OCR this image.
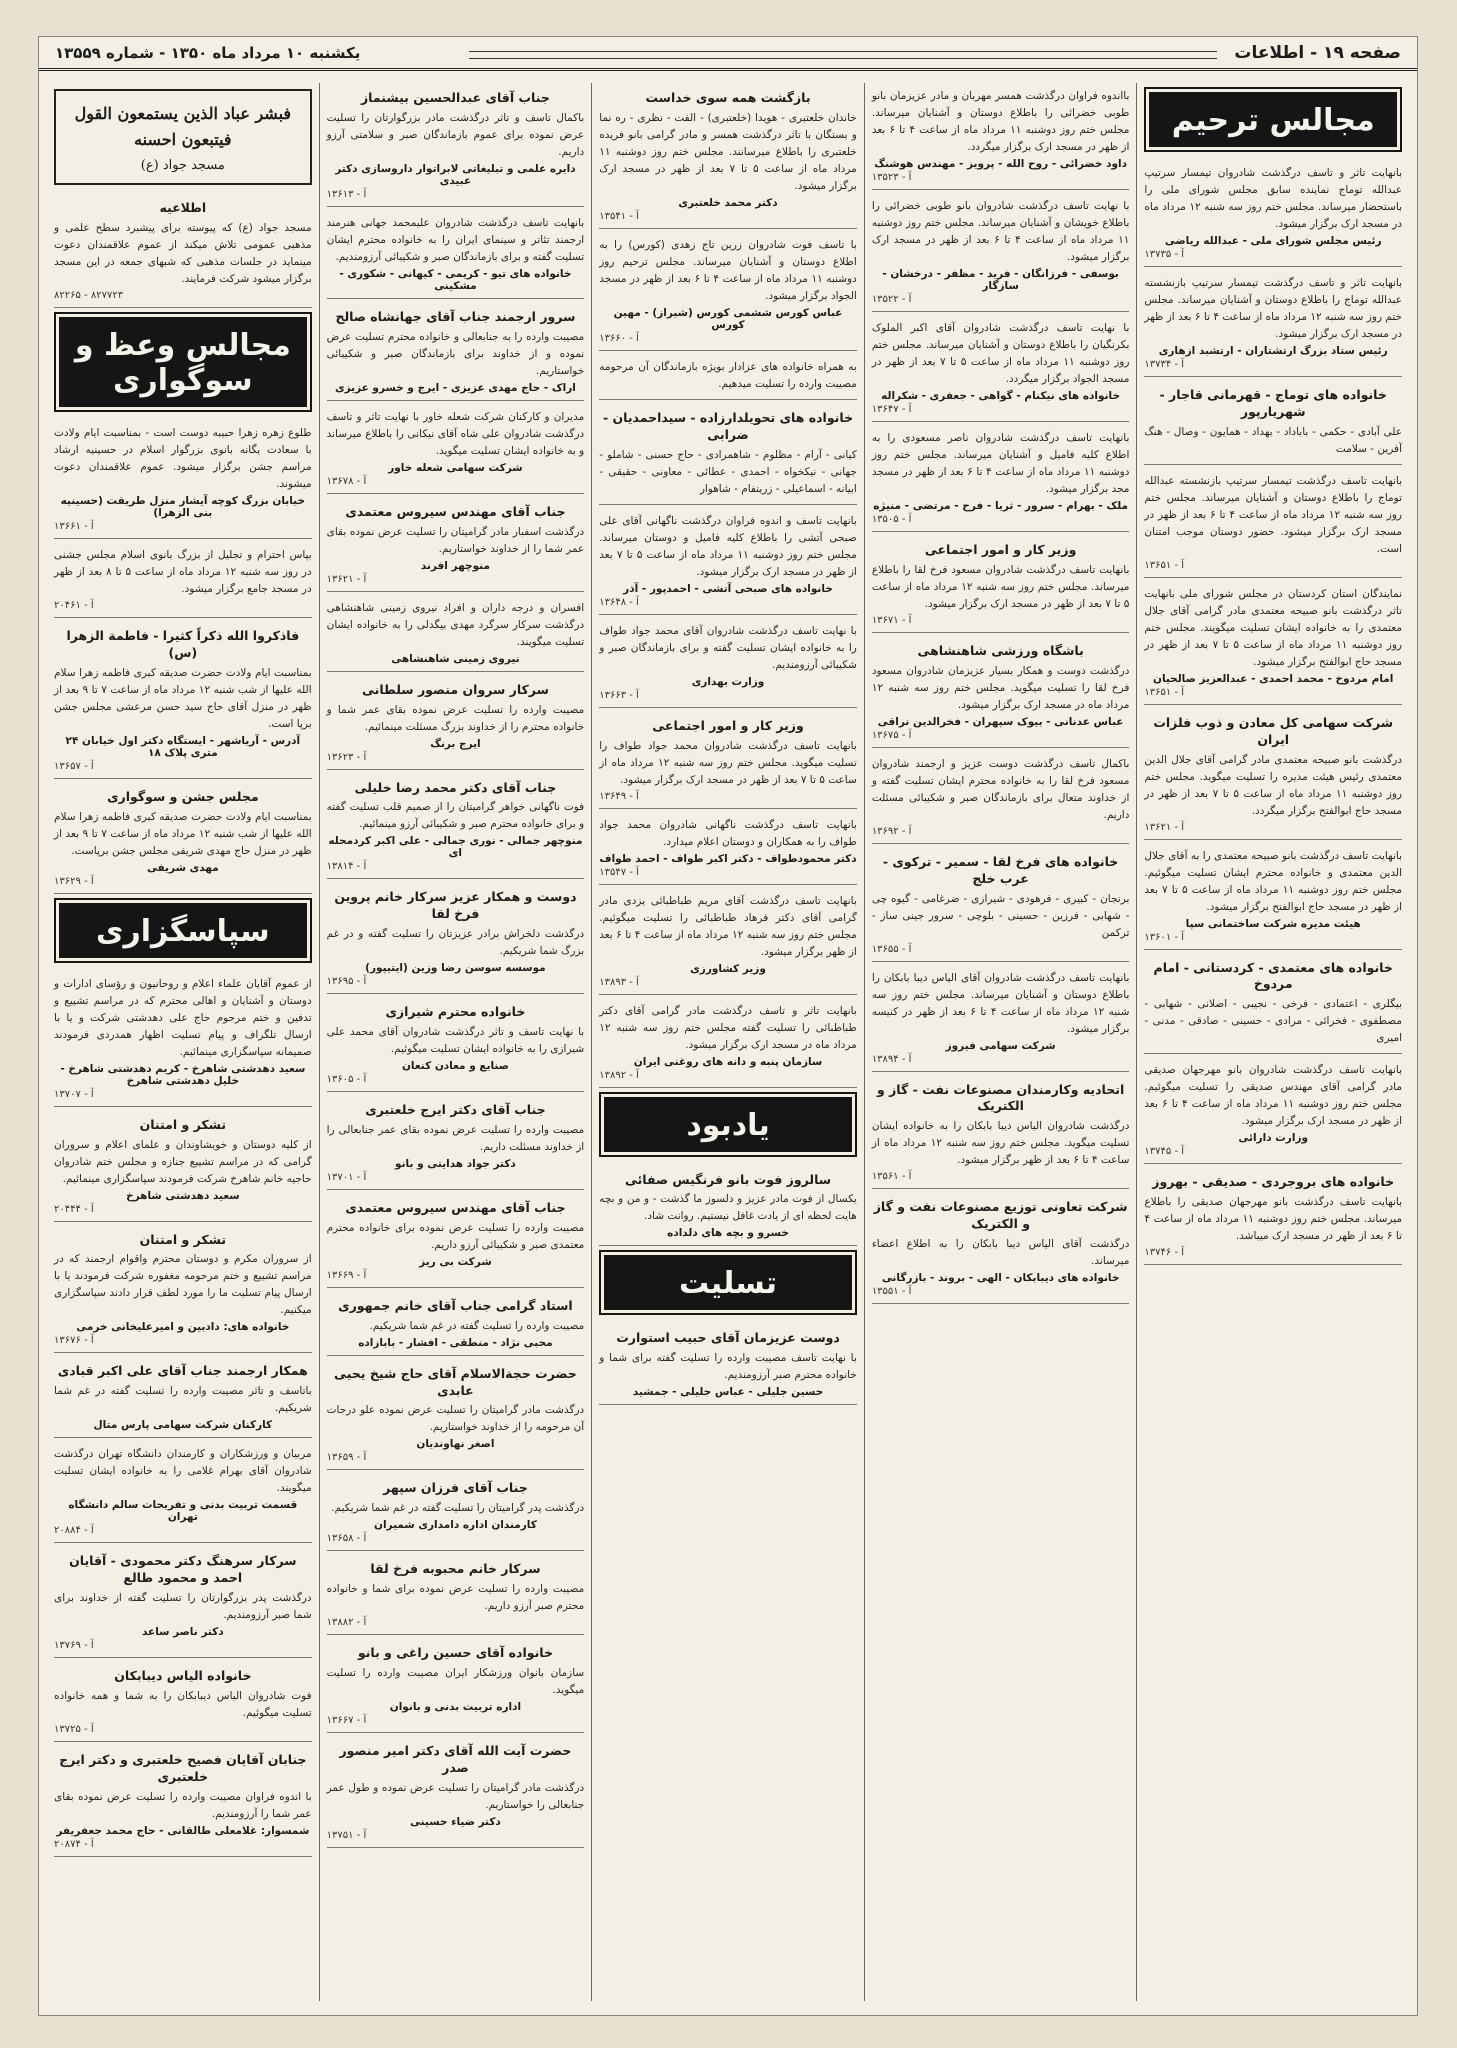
صفحه ۱۹ - اطلاعات
یکشنبه ۱۰ مرداد ماه ۱۳۵۰ - شماره ۱۳۵۵۹
مجالس ترحیم
بانهایت تاثر و تاسف درگذشت شادروان تیمسار سرتیپ عبدالله توماج نماینده سابق مجلس شورای ملی را باستحضار میرساند. مجلس ختم روز سه شنبه ۱۲ مرداد ماه در مسجد ارک برگزار میشود.
رئیس مجلس شورای ملی - عبدالله ریاضی
آ - ۱۳۷۳۵
بانهایت تاثر و تاسف درگذشت تیمسار سرتیپ بازنشسته عبدالله توماج را باطلاع دوستان و آشنایان میرساند. مجلس ختم روز سه شنبه ۱۲ مرداد ماه از ساعت ۴ تا ۶ بعد از ظهر در مسجد ارک برگزار میشود.
رئیس ستاد بزرگ ارتشتاران - ارتشبد ازهاری
آ - ۱۳۷۳۴
خانواده های توماج - قهرمانی قاجار - شهریارپور
علی آبادی - حکمی - باباداد - بهداد - همایون - وصال - هنگ آفرین - سلامت
بانهایت تاسف درگذشت تیمسار سرتیپ بازنشسته عبدالله توماج را باطلاع دوستان و آشنایان میرساند. مجلس ختم روز سه شنبه ۱۲ مرداد ماه از ساعت ۴ تا ۶ بعد از ظهر در مسجد ارک برگزار میشود. حضور دوستان موجب امتنان است.
آ - ۱۳۶۵۱
نمایندگان استان کردستان در مجلس شورای ملی بانهایت تاثر درگذشت بانو صبیحه معتمدی مادر گرامی آقای جلال معتمدی را به خانواده ایشان تسلیت میگویند. مجلس ختم روز دوشنبه ۱۱ مرداد ماه از ساعت ۵ تا ۷ بعد از ظهر در مسجد حاج ابوالفتح برگزار میشود.
امام مردوخ - محمد احمدی - عبدالعزیز صالحیان
آ - ۱۳۶۵۱
شرکت سهامی کل معادن و ذوب فلزات ایران
درگذشت بانو صبیحه معتمدی مادر گرامی آقای جلال الدین معتمدی رئیس هیئت مدیره را تسلیت میگوید. مجلس ختم روز دوشنبه ۱۱ مرداد ماه از ساعت ۵ تا ۷ بعد از ظهر در مسجد حاج ابوالفتح برگزار میگردد.
آ - ۱۳۶۲۱
بانهایت تاسف درگذشت بانو صبیحه معتمدی را به آقای جلال الدین معتمدی و خانواده محترم ایشان تسلیت میگوئیم. مجلس ختم روز دوشنبه ۱۱ مرداد ماه از ساعت ۵ تا ۷ بعد از ظهر در مسجد حاج ابوالفتح برگزار میشود.
هیئت مدیره شرکت ساختمانی سپا
آ - ۱۳۶۰۱
خانواده های معتمدی - کردستانی - امام مردوخ
بیگلری - اعتمادی - فرخی - نجیبی - اصلانی - شهابی - مصطفوی - فخرائی - مرادی - حسینی - صادقی - مدنی - امیری
بانهایت تاسف درگذشت شادروان بانو مهرجهان صدیقی مادر گرامی آقای مهندس صدیقی را تسلیت میگوئیم. مجلس ختم روز دوشنبه ۱۱ مرداد ماه از ساعت ۴ تا ۶ بعد از ظهر در مسجد ارک برگزار میشود.
وزارت دارائی
آ - ۱۳۷۴۵
خانواده های بروجردی - صدیقی - بهروز
بانهایت تاسف درگذشت بانو مهرجهان صدیقی را باطلاع میرساند. مجلس ختم روز دوشنبه ۱۱ مرداد ماه از ساعت ۴ تا ۶ بعد از ظهر در مسجد ارک میباشد.
آ - ۱۳۷۴۶
بااندوه فراوان درگذشت همسر مهربان و مادر عزیزمان بانو طوبی خضرائی را باطلاع دوستان و آشنایان میرساند. مجلس ختم روز دوشنبه ۱۱ مرداد ماه از ساعت ۴ تا ۶ بعد از ظهر در مسجد ارک برگزار میگردد.
داود خضرائی - روح الله - پرویز - مهندس هوشنگ
آ - ۱۳۵۲۳
با نهایت تاسف درگذشت شادروان بانو طوبی خضرائی را باطلاع خویشان و آشنایان میرساند. مجلس ختم روز دوشنبه ۱۱ مرداد ماه از ساعت ۴ تا ۶ بعد از ظهر در مسجد ارک برگزار میشود.
بوسفی - فرزانگان - فرید - مظفر - درخشان - سازگار
آ - ۱۳۵۲۲
با نهایت تاسف درگذشت شادروان آقای اکبر الملوک بکرنگیان را باطلاع دوستان و آشنایان میرساند. مجلس ختم روز دوشنبه ۱۱ مرداد ماه از ساعت ۵ تا ۷ بعد از ظهر در مسجد الجواد برگزار میگردد.
خانواده های نیکنام - گواهی - جعفری - شکراله
آ - ۱۳۶۴۷
بانهایت تاسف درگذشت شادروان ناصر مسعودی را به اطلاع کلیه فامیل و آشنایان میرساند. مجلس ختم روز دوشنبه ۱۱ مرداد ماه از ساعت ۴ تا ۶ بعد از ظهر در مسجد مجد برگزار میشود.
ملک - بهرام - سرور - ثریا - فرح - مرتضی - منیژه
آ - ۱۳۵۰۵
وزیر کار و امور اجتماعی
بانهایت تاسف درگذشت شادروان مسعود فرخ لقا را باطلاع میرساند. مجلس ختم روز سه شنبه ۱۲ مرداد ماه از ساعت ۵ تا ۷ بعد از ظهر در مسجد ارک برگزار میشود.
آ - ۱۳۶۷۱
باشگاه ورزشی شاهنشاهی
درگذشت دوست و همکار بسیار عزیزمان شادروان مسعود فرخ لقا را تسلیت میگوید. مجلس ختم روز سه شنبه ۱۲ مرداد ماه در مسجد ارک برگزار میشود.
عباس عدنانی - بیوک سپهران - فخرالدین نراقی
آ - ۱۳۶۷۵
باکمال تاسف درگذشت دوست عزیز و ارجمند شادروان مسعود فرخ لقا را به خانواده محترم ایشان تسلیت گفته و از خداوند متعال برای بازماندگان صبر و شکیبائی مسئلت داریم.
آ - ۱۳۶۹۲
خانواده های فرخ لقا - سمیر - ترکوی - عرب خلج
برنجان - کبیری - فرهودی - شیرازی - ضرغامی - گیوه چی - شهابی - فرزین - حسینی - بلوچی - سرور جینی ساز - ترکمن
آ - ۱۳۶۵۵
بانهایت تاسف درگذشت شادروان آقای الیاس دیبا بابکان را باطلاع دوستان و آشنایان میرساند. مجلس ختم روز سه شنبه ۱۲ مرداد ماه از ساعت ۴ تا ۶ بعد از ظهر در کنیسه برگزار میشود.
شرکت سهامی فیروز
آ - ۱۳۸۹۴
اتحادیه وکارمندان مصنوعات نفت - گاز و الکتریک
درگذشت شادروان الیاس دیبا بابکان را به خانواده ایشان تسلیت میگوید. مجلس ختم روز سه شنبه ۱۲ مرداد ماه از ساعت ۴ تا ۶ بعد از ظهر برگزار میشود.
آ - ۱۳۵۶۱
شرکت تعاونی توزیع مصنوعات نفت و گاز و الکتریک
درگذشت آقای الیاس دیبا بابکان را به اطلاع اعضاء میرساند.
خانواده های دیبابکان - الهی - بروند - بازرگانی
آ - ۱۳۵۵۱
بازگشت همه سوی خداست
خاندان خلعتبری - هویدا (خلعتبری) - الفت - نظری - ره نما و بستگان با تاثر درگذشت همسر و مادر گرامی بانو فریده خلعتبری را باطلاع میرسانند. مجلس ختم روز دوشنبه ۱۱ مرداد ماه از ساعت ۵ تا ۷ بعد از ظهر در مسجد ارک برگزار میشود.
دکتر محمد خلعتبری
آ - ۱۳۵۴۱
با تاسف فوت شادروان زرین تاج زهدی (کورس) را به اطلاع دوستان و آشنایان میرساند. مجلس ترحیم روز دوشنبه ۱۱ مرداد ماه از ساعت ۴ تا ۶ بعد از ظهر در مسجد الجواد برگزار میشود.
عباس کورس ششمی کورس (شیراز) - مهین کورس
آ - ۱۳۶۶۰
به همراه خانواده های عزادار بویژه بازماندگان آن مرحومه مصیبت وارده را تسلیت میدهیم.
خانواده های تحویلدارزاده - سیداحمدیان - ضرابی
کیانی - آرام - مظلوم - شاهمرادی - حاج حسنی - شاملو - جهانی - نیکخواه - احمدی - عطائی - معاونی - حقیقی - ابیانه - اسماعیلی - زرینفام - شاهوار
بانهایت تاسف و اندوه فراوان درگذشت ناگهانی آقای علی صبحی آتشی را باطلاع کلیه فامیل و دوستان میرساند. مجلس ختم روز دوشنبه ۱۱ مرداد ماه از ساعت ۵ تا ۷ بعد از ظهر در مسجد ارک برگزار میشود.
خانواده های صبحی آتشی - احمدپور - آذر
آ - ۱۳۶۴۸
با نهایت تاسف درگذشت شادروان آقای محمد جواد طواف را به خانواده ایشان تسلیت گفته و برای بازماندگان صبر و شکیبائی آرزومندیم.
وزارت بهداری
آ - ۱۳۶۶۳
وزیر کار و امور اجتماعی
بانهایت تاسف درگذشت شادروان محمد جواد طواف را تسلیت میگوید. مجلس ختم روز سه شنبه ۱۲ مرداد ماه از ساعت ۵ تا ۷ بعد از ظهر در مسجد ارک برگزار میشود.
آ - ۱۳۶۴۹
بانهایت تاسف درگذشت ناگهانی شادروان محمد جواد طواف را به همکاران و دوستان اعلام میدارد.
دکتر محمودطواف - دکتر اکبر طواف - احمد طواف
آ - ۱۳۵۴۷
بانهایت تاسف درگذشت آقای مریم طباطبائی یزدی مادر گرامی آقای دکتر فرهاد طباطبائی را تسلیت میگوئیم. مجلس ختم روز سه شنبه ۱۲ مرداد ماه از ساعت ۴ تا ۶ بعد از ظهر برگزار میشود.
وزیر کشاورزی
آ - ۱۳۸۹۳
بانهایت تاثر و تاسف درگذشت مادر گرامی آقای دکتر طباطبائی را تسلیت گفته مجلس ختم روز سه شنبه ۱۲ مرداد ماه در مسجد ارک برگزار میشود.
سازمان پنبه و دانه های روغنی ایران
آ - ۱۳۸۹۲
یادبود
سالروز فوت بانو فرنگیس صفائی
یکسال از فوت مادر عزیز و دلسوز ما گذشت - و من و بچه هایت لحظه ای از یادت غافل نیستیم. روانت شاد.
خسرو و بچه های دلداده
تسلیت
دوست عزیزمان آقای حبیب استوارت
با نهایت تاسف مصیبت وارده را تسلیت گفته برای شما و خانواده محترم صبر آرزومندیم.
حسین جلیلی - عباس جلیلی - جمشید
جناب آقای عبدالحسین بیشنماز
باکمال تاسف و تاثر درگذشت مادر بزرگوارتان را تسلیت عرض نموده برای عموم بازماندگان صبر و سلامتی آرزو داریم.
دایره علمی و تبلیغاتی لابراتوار داروسازی دکتر عبیدی
آ - ۱۳۶۱۳
بانهایت تاسف درگذشت شادروان علیمحمد جهانی هنرمند ارجمند تئاتر و سینمای ایران را به خانواده محترم ایشان تسلیت گفته و برای بازماندگان صبر و شکیبائی آرزومندیم.
خانواده های تیو - کریمی - کیهانی - شکوری - مشکینی
سرور ارجمند جناب آقای جهانشاه صالح
مصیبت وارده را به جنابعالی و خانواده محترم تسلیت عرض نموده و از خداوند برای بازماندگان صبر و شکیبائی خواستاریم.
اراک - حاج مهدی عزیزی - ایرج و خسرو عزیزی
مدیران و کارکنان شرکت شعله خاور با نهایت تاثر و تاسف درگذشت شادروان علی شاه آقای نیکانی را باطلاع میرساند و به خانواده ایشان تسلیت میگوید.
شرکت سهامی شعله خاور
آ - ۱۳۶۷۸
جناب آقای مهندس سیروس معتمدی
درگذشت اسفبار مادر گرامیتان را تسلیت عرض نموده بقای عمر شما را از خداوند خواستاریم.
منوچهر افرند
آ - ۱۳۶۲۱
افسران و درجه داران و افراد نیروی زمینی شاهنشاهی درگذشت سرکار سرگرد مهدی بیگدلی را به خانواده ایشان تسلیت میگویند.
نیروی زمینی شاهنشاهی
سرکار سروان منصور سلطانی
مصیبت وارده را تسلیت عرض نموده بقای عمر شما و خانواده محترم را از خداوند بزرگ مسئلت مینمائیم.
ایرج برنگ
آ - ۱۳۶۲۳
جناب آقای دکتر محمد رضا خلیلی
فوت ناگهانی خواهر گرامیتان را از صمیم قلب تسلیت گفته و برای خانواده محترم صبر و شکیبائی آرزو مینمائیم.
منوچهر جمالی - نوری جمالی - علی اکبر کردمحله ای
آ - ۱۳۸۱۴
دوست و همکار عزیز سرکار خانم پروین فرخ لقا
درگذشت دلخراش برادر عزیزتان را تسلیت گفته و در غم بزرگ شما شریکیم.
موسسه سوسن رضا وزین (ایتیپور)
آ - ۱۳۶۹۵
خانواده محترم شیرازی
با نهایت تاسف و تاثر درگذشت شادروان آقای محمد علی شیرازی را به خانواده ایشان تسلیت میگوئیم.
صنایع و معادن کنعان
آ - ۱۳۶۰۵
جناب آقای دکتر ایرج خلعتبری
مصیبت وارده را تسلیت عرض نموده بقای عمر جنابعالی را از خداوند مسئلت داریم.
دکتر جواد هدایتی و بانو
آ - ۱۳۷۰۱
جناب آقای مهندس سیروس معتمدی
مصیبت وارده را تسلیت عرض نموده برای خانواده محترم معتمدی صبر و شکیبائی آرزو داریم.
شرکت بی ریز
آ - ۱۳۶۶۹
استاد گرامی جناب آقای خانم جمهوری
مصیبت وارده را تسلیت گفته در غم شما شریکیم.
محبی نژاد - منطقی - افشار - بابازاده
حضرت حجةالاسلام آقای حاج شیخ یحیی عابدی
درگذشت مادر گرامیتان را تسلیت عرض نموده علو درجات آن مرحومه را از خداوند خواستاریم.
اصغر نهاوندیان
آ - ۱۳۶۵۹
جناب آقای فرزان سپهر
درگذشت پدر گرامیتان را تسلیت گفته در غم شما شریکیم.
کارمندان اداره دامداری شمیران
آ - ۱۳۶۵۸
سرکار خانم محبوبه فرخ لقا
مصیبت وارده را تسلیت عرض نموده برای شما و خانواده محترم صبر آرزو داریم.
آ - ۱۳۸۸۲
خانواده آقای حسین راغی و بانو
سازمان بانوان ورزشکار ایران مصیبت وارده را تسلیت میگوید.
اداره تربیت بدنی و بانوان
آ - ۱۳۶۶۷
حضرت آیت الله آقای دکتر امیر منصور صدر
درگذشت مادر گرامیتان را تسلیت عرض نموده و طول عمر جنابعالی را خواستاریم.
دکتر ضیاء حسینی
آ - ۱۳۷۵۱
فبشر عباد الذین یستمعون القول فیتبعون احسنه
مسجد جواد (ع)
اطلاعیه
مسجد جواد (ع) که پیوسته برای پیشبرد سطح علمی و مذهبی عمومی تلاش میکند از عموم علاقمندان دعوت مینماید در جلسات مذهبی که شبهای جمعه در این مسجد برگزار میشود شرکت فرمایند.
۸۲۲۶۵ - ۸۲۷۷۲۳
مجالس وعظ و سوگواری
طلوع زهره زهرا حبیبه دوست است - بمناسبت ایام ولادت با سعادت یگانه بانوی بزرگوار اسلام در حسینیه ارشاد مراسم جشن برگزار میشود. عموم علاقمندان دعوت میشوند.
خیابان بزرگ کوچه آیشار منزل طریقت (حسینیه بنی الزهرا)
آ - ۱۳۶۶۱
بپاس احترام و تجلیل از بزرگ بانوی اسلام مجلس جشنی در روز سه شنبه ۱۲ مرداد ماه از ساعت ۵ تا ۸ بعد از ظهر در مسجد جامع برگزار میشود.
آ - ۲۰۴۶۱
فاذکروا الله ذکراً کثیرا - فاطمة الزهرا (س)
بمناسبت ایام ولادت حضرت صدیقه کبری فاطمه زهرا سلام الله علیها از شب شنبه ۱۲ مرداد ماه از ساعت ۷ تا ۹ بعد از ظهر در منزل آقای حاج سید حسن مرعشی مجلس جشن برپا است.
آدرس - آریاشهر - ایستگاه دکتر اول خیابان ۲۴ متری پلاک ۱۸
آ - ۱۳۶۵۷
مجلس جشن و سوگواری
بمناسبت ایام ولادت حضرت صدیقه کبری فاطمه زهرا سلام الله علیها از شب شنبه ۱۲ مرداد ماه از ساعت ۷ تا ۹ بعد از ظهر در منزل حاج مهدی شریفی مجلس جشن برپاست.
مهدی شریفی
آ - ۱۳۶۲۹
سپاسگزاری
از عموم آقایان علماء اعلام و روحانیون و رؤسای ادارات و دوستان و آشنایان و اهالی محترم که در مراسم تشییع و تدفین و ختم مرحوم حاج علی دهدشتی شرکت و یا با ارسال تلگراف و پیام تسلیت اظهار همدردی فرمودند صمیمانه سپاسگزاری مینمائیم.
سعید دهدشتی شاهرخ - کریم دهدشتی شاهرخ - خلیل دهدشتی شاهرخ
آ - ۱۳۷۰۷
تشکر و امتنان
از کلیه دوستان و خویشاوندان و علمای اعلام و سروران گرامی که در مراسم تشییع جنازه و مجلس ختم شادروان حاجیه خانم شاهرخ شرکت فرمودند سپاسگزاری مینمائیم.
سعید دهدشتی شاهرخ
آ - ۲۰۴۴۴
تشکر و امتنان
از سروران مکرم و دوستان محترم واقوام ارجمند که در مراسم تشییع و ختم مرحومه مغفوره شرکت فرمودند یا با ارسال پیام تسلیت ما را مورد لطف قرار دادند سپاسگزاری میکنیم.
خانواده های: دادبین و امیرعلیخانی خرمی
آ - ۱۳۶۷۶
همکار ارجمند جناب آقای علی اکبر قبادی
باتاسف و تاثر مصیبت وارده را تسلیت گفته در غم شما شریکیم.
کارکنان شرکت سهامی پارس متال
مربیان و ورزشکاران و کارمندان دانشگاه تهران درگذشت شادروان آقای بهرام غلامی را به خانواده ایشان تسلیت میگویند.
قسمت تربیت بدنی و تفریحات سالم دانشگاه تهران
آ - ۲۰۸۸۴
سرکار سرهنگ دکتر محمودی - آقایان احمد و محمود طالع
درگذشت پدر بزرگوارتان را تسلیت گفته از خداوند برای شما صبر آرزومندیم.
دکتر ناصر ساعد
آ - ۱۳۷۶۹
خانواده الیاس دیبابکان
فوت شادروان الیاس دیبابکان را به شما و همه خانواده تسلیت میگوئیم.
آ - ۱۳۷۲۵
جنابان آقایان فصیح خلعتبری و دکتر ایرج خلعتبری
با اندوه فراوان مصیبت وارده را تسلیت عرض نموده بقای عمر شما را آرزومندیم.
شمسوار: غلامعلی طالقانی - حاج محمد جعفریفر
آ - ۲۰۸۷۴
